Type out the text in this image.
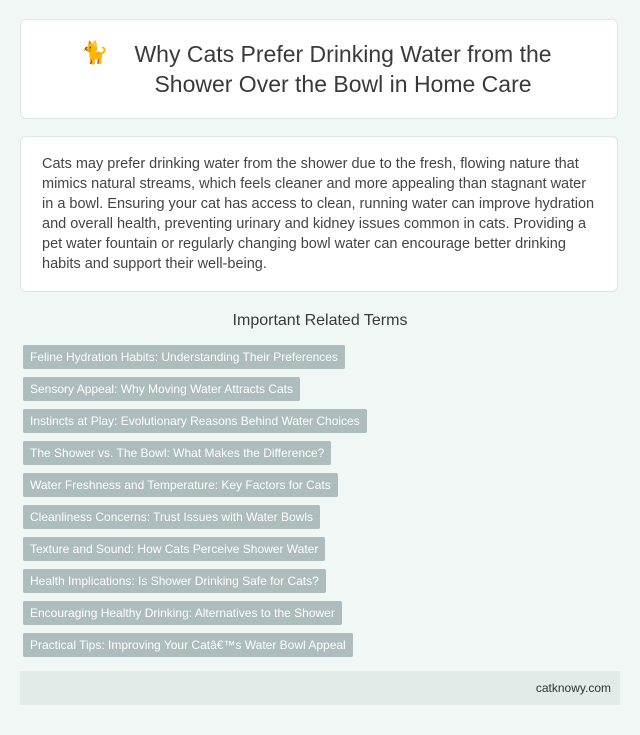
🐈	Why Cats Prefer Drinking Water from the Shower Over the Bowl in Home Care

Cats may prefer drinking water from the shower due to the fresh, flowing nature that mimics natural streams, which feels cleaner and more appealing than stagnant water in a bowl. Ensuring your cat has access to clean, running water can improve hydration and overall health, preventing urinary and kidney issues common in cats. Providing a pet water fountain or regularly changing bowl water can encourage better drinking habits and support their well-being.

Important Related Terms
Feline Hydration Habits: Understanding Their Preferences
Sensory Appeal: Why Moving Water Attracts Cats
Instincts at Play: Evolutionary Reasons Behind Water Choices
The Shower vs. The Bowl: What Makes the Difference?
Water Freshness and Temperature: Key Factors for Cats
Cleanliness Concerns: Trust Issues with Water Bowls
Texture and Sound: How Cats Perceive Shower Water
Health Implications: Is Shower Drinking Safe for Cats?
Encouraging Healthy Drinking: Alternatives to the Shower
Practical Tips: Improving Your Catâ€™s Water Bowl Appeal
catknowy.com
